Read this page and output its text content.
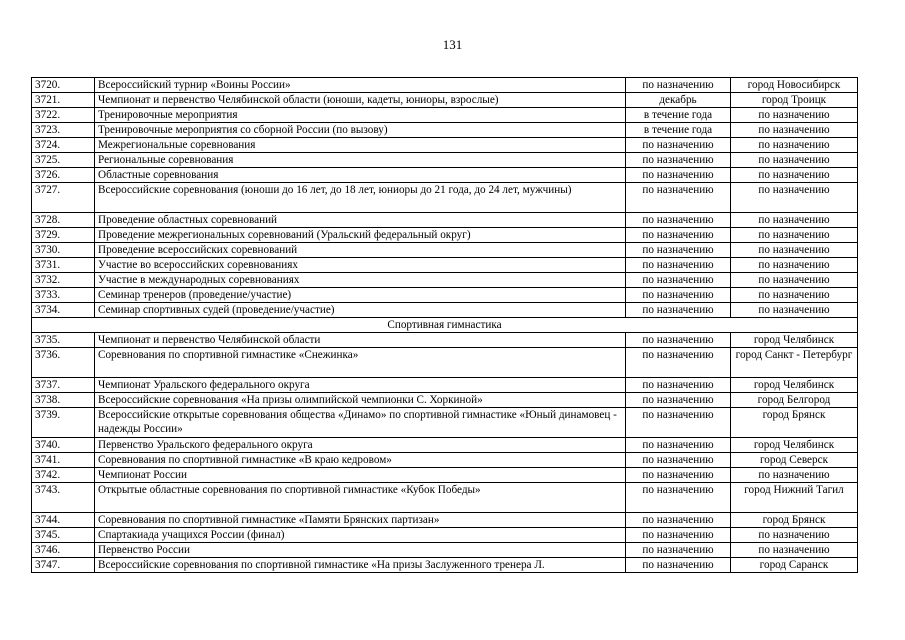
131
3720.	Всероссийский турнир «Воины России»	по назначению	город Новосибирск
3721.	Чемпионат и первенство Челябинской области (юноши, кадеты, юниоры, взрослые)	декабрь	город Троицк
3722.	Тренировочные мероприятия	в течение года	по назначению
3723.	Тренировочные мероприятия со сборной России (по вызову)	в течение года	по назначению
3724.	Межрегиональные соревнования	по назначению	по назначению
3725.	Региональные соревнования	по назначению	по назначению
3726.	Областные соревнования	по назначению	по назначению
3727.	Всероссийские соревнования (юноши до 16 лет, до 18 лет, юниоры до 21 года, до 24 лет, мужчины)	по назначению	по назначению
3728.	Проведение областных соревнований	по назначению	по назначению
3729.	Проведение межрегиональных соревнований (Уральский федеральный округ)	по назначению	по назначению
3730.	Проведение всероссийских соревнований	по назначению	по назначению
3731.	Участие во всероссийских соревнованиях	по назначению	по назначению
3732.	Участие в международных соревнованиях	по назначению	по назначению
3733.	Семинар тренеров (проведение/участие)	по назначению	по назначению
3734.	Семинар спортивных судей (проведение/участие)	по назначению	по назначению
Спортивная гимнастика			
3735.	Чемпионат и первенство Челябинской области	по назначению	город Челябинск
3736.	Соревнования по спортивной гимнастике «Снежинка»	по назначению	город Санкт - Петербург
3737.	Чемпионат Уральского федерального округа	по назначению	город Челябинск
3738.	Всероссийские соревнования «На призы олимпийской чемпионки С. Хоркиной»	по назначению	город Белгород
3739.	Всероссийские открытые соревнования общества «Динамо» по спортивной гимнастике «Юный динамовец - надежды России»	по назначению	город Брянск
3740.	Первенство Уральского федерального округа	по назначению	город Челябинск
3741.	Соревнования по спортивной гимнастике «В краю кедровом»	по назначению	город Северск
3742.	Чемпионат России	по назначению	по назначению
3743.	Открытые областные соревнования по спортивной гимнастике «Кубок Победы»	по назначению	город Нижний Тагил
3744.	Соревнования по спортивной гимнастике «Памяти Брянских партизан»	по назначению	город Брянск
3745.	Спартакиада учащихся России (финал)	по назначению	по назначению
3746.	Первенство России	по назначению	по назначению
3747.	Всероссийские соревнования по спортивной гимнастике «На призы Заслуженного тренера Л.	по назначению	город Саранск
